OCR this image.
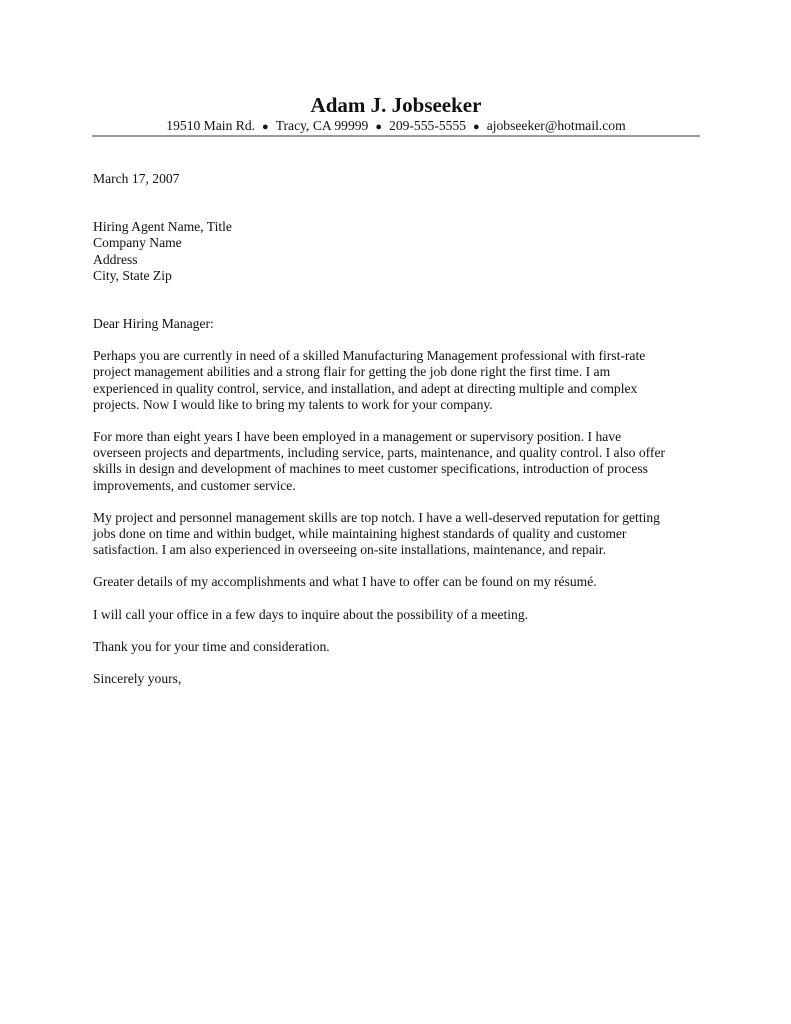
Adam J. Jobseeker

19510 Main Rd. ● Tracy, CA 99999 ● 209-555-5555 ● ajobseeker@hotmail.com

March 17, 2007

Hiring Agent Name, Title
Company Name
Address
City, State Zip

Dear Hiring Manager:

Perhaps you are currently in need of a skilled Manufacturing Management professional with first-rate
project management abilities and a strong flair for getting the job done right the first time. I am
experienced in quality control, service, and installation, and adept at directing multiple and complex
projects. Now I would like to bring my talents to work for your company.

For more than eight years I have been employed in a management or supervisory position. I have
overseen projects and departments, including service, parts, maintenance, and quality control. I also offer
skills in design and development of machines to meet customer specifications, introduction of process
improvements, and customer service.

My project and personnel management skills are top notch. I have a well-deserved reputation for getting
jobs done on time and within budget, while maintaining highest standards of quality and customer
satisfaction. I am also experienced in overseeing on-site installations, maintenance, and repair.

Greater details of my accomplishments and what I have to offer can be found on my résumé.

I will call your office in a few days to inquire about the possibility of a meeting.

Thank you for your time and consideration.

Sincerely yours,
